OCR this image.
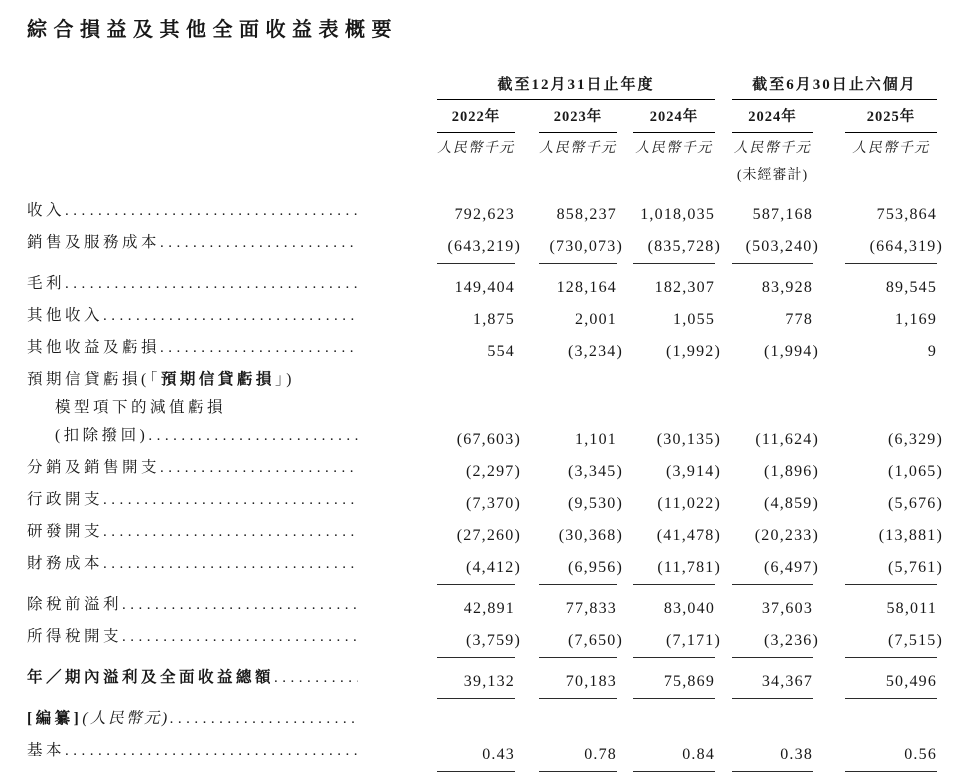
綜合損益及其他全面收益表概要

	截至12月31日止年度			截至6月30日止六個月	

	2022年	2023年	2024年	2024年	2025年

	人民幣千元	人民幣千元	人民幣千元	人民幣千元	人民幣千元

				(未經審計)	

收入
.....	792,623	858,237	1,018,035	587,168	753,864

銷售及服務成本
.....	(643,219)	(730,073)	(835,728)	(503,240)	(664,319)

毛利
.....	149,404	128,164	182,307	83,928	89,545

其他收入
.....	1,875	2,001	1,055	778	1,169

其他收益及虧損
.....	554	(3,234)	(1,992)	(1,994)	9

預期信貸虧損(「預期信貸虧損」)
模型項下的減值虧損
(扣除撥回)
.....	(67,603)	1,101	(30,135)	(11,624)	(6,329)

分銷及銷售開支
.....	(2,297)	(3,345)	(3,914)	(1,896)	(1,065)

行政開支
.....	(7,370)	(9,530)	(11,022)	(4,859)	(5,676)

研發開支
.....	(27,260)	(30,368)	(41,478)	(20,233)	(13,881)

財務成本
.....	(4,412)	(6,956)	(11,781)	(6,497)	(5,761)

除稅前溢利
.....	42,891	77,833	83,040	37,603	58,011

所得稅開支
.....	(3,759)	(7,650)	(7,171)	(3,236)	(7,515)

年／期內溢利及全面收益總額
.....	39,132	70,183	75,869	34,367	50,496

[編纂](人民幣元)
.....

基本
.....	0.43	0.78	0.84	0.38	0.56
